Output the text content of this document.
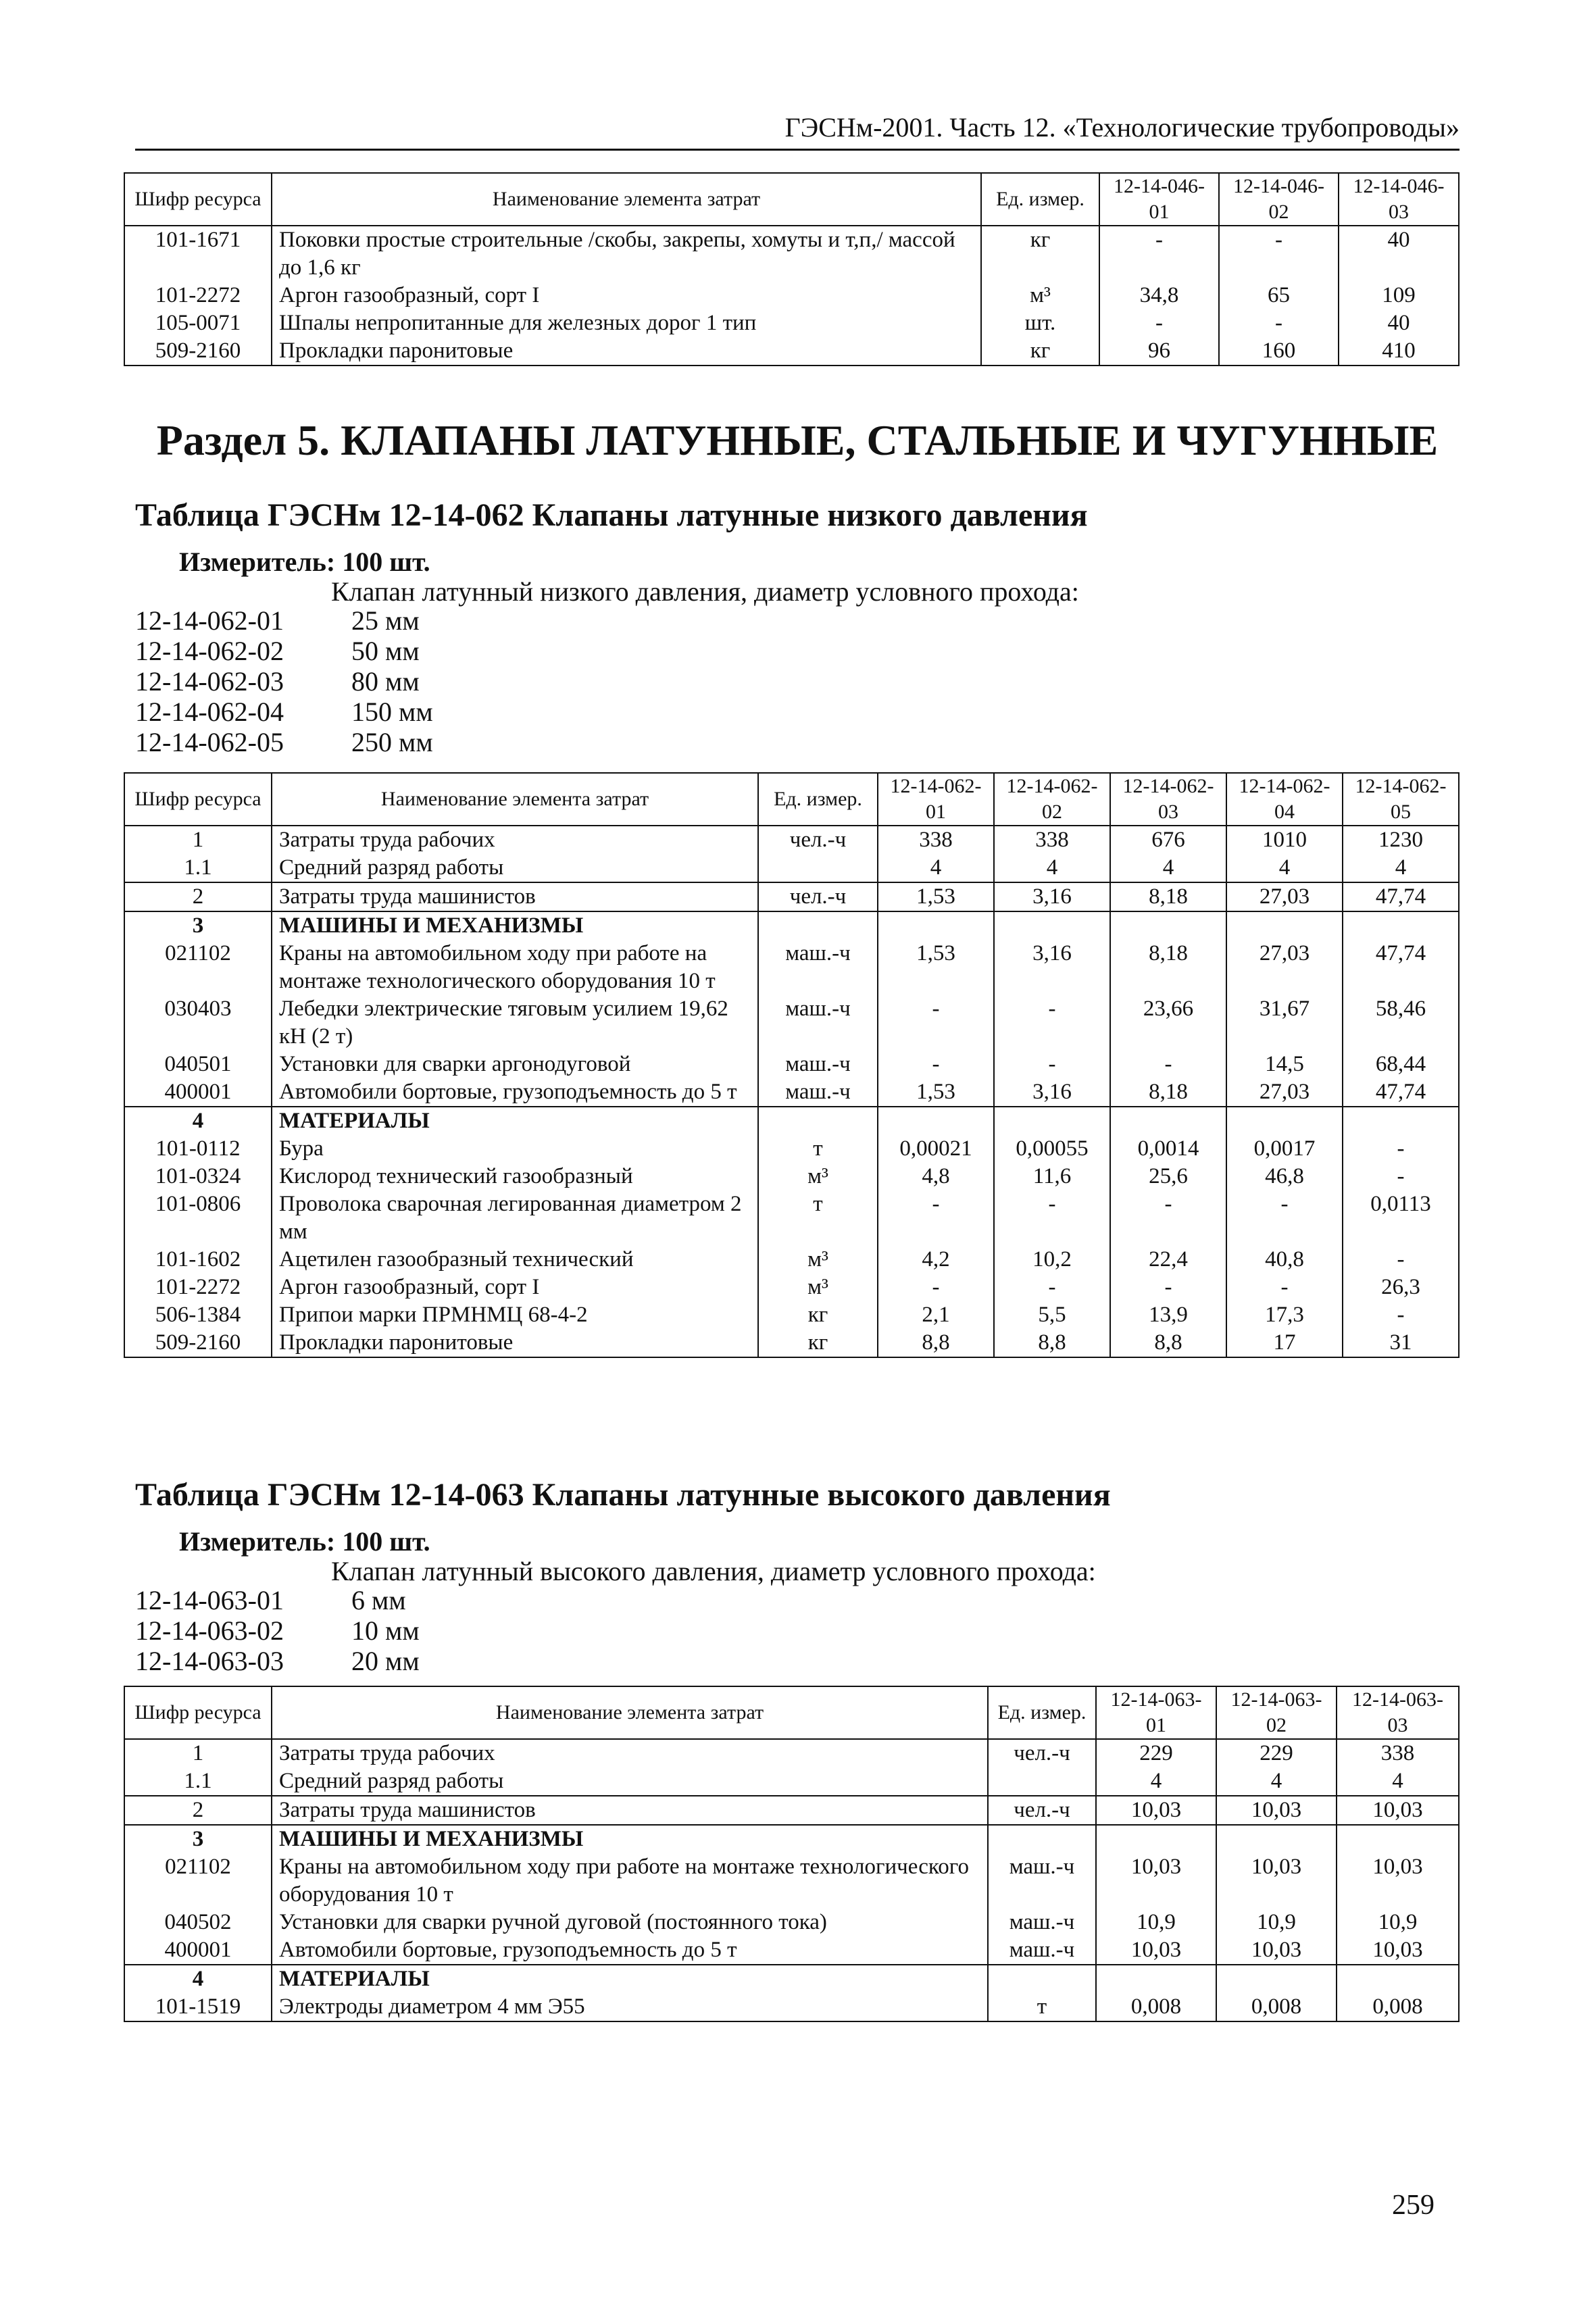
ГЭСНм-2001. Часть 12. «Технологические трубопроводы»
Шифр ресурса	Наименование элемента затрат	Ед. измер.	12-14-046-01	12-14-046-02	12-14-046-03
101-1671	Поковки простые строительные /скобы, закрепы, хомуты и т,п,/ массой до 1,6 кг	кг	-	-	40
101-2272	Аргон газообразный, сорт I	м³	34,8	65	109
105-0071	Шпалы непропитанные для железных дорог 1 тип	шт.	-	-	40
509-2160	Прокладки паронитовые	кг	96	160	410
Раздел 5. КЛАПАНЫ ЛАТУННЫЕ, СТАЛЬНЫЕ И ЧУГУННЫЕ
Таблица ГЭСНм 12-14-062 Клапаны латунные низкого давления
Измеритель: 100 шт.
Клапан латунный низкого давления, диаметр условного прохода:
12-14-062-01	25 мм
12-14-062-02	50 мм
12-14-062-03	80 мм
12-14-062-04	150 мм
12-14-062-05	250 мм
Шифр ресурса	Наименование элемента затрат	Ед. измер.	12-14-062-01	12-14-062-02	12-14-062-03	12-14-062-04	12-14-062-05
1	Затраты труда рабочих	чел.-ч	338	338	676	1010	1230
1.1	Средний разряд работы		4	4	4	4	4
2	Затраты труда машинистов	чел.-ч	1,53	3,16	8,18	27,03	47,74
3	МАШИНЫ И МЕХАНИЗМЫ						
021102	Краны на автомобильном ходу при работе на монтаже технологического оборудования 10 т	маш.-ч	1,53	3,16	8,18	27,03	47,74
030403	Лебедки электрические тяговым усилием 19,62 кН (2 т)	маш.-ч	-	-	23,66	31,67	58,46
040501	Установки для сварки аргонодуговой	маш.-ч	-	-	-	14,5	68,44
400001	Автомобили бортовые, грузоподъемность до 5 т	маш.-ч	1,53	3,16	8,18	27,03	47,74
4	МАТЕРИАЛЫ						
101-0112	Бура	т	0,00021	0,00055	0,0014	0,0017	-
101-0324	Кислород технический газообразный	м³	4,8	11,6	25,6	46,8	-
101-0806	Проволока сварочная легированная диаметром 2 мм	т	-	-	-	-	0,0113
101-1602	Ацетилен газообразный технический	м³	4,2	10,2	22,4	40,8	-
101-2272	Аргон газообразный, сорт I	м³	-	-	-	-	26,3
506-1384	Припои марки ПРМНМЦ 68-4-2	кг	2,1	5,5	13,9	17,3	-
509-2160	Прокладки паронитовые	кг	8,8	8,8	8,8	17	31
Таблица ГЭСНм 12-14-063 Клапаны латунные высокого давления
Измеритель: 100 шт.
Клапан латунный высокого давления, диаметр условного прохода:
12-14-063-01	6 мм
12-14-063-02	10 мм
12-14-063-03	20 мм
Шифр ресурса	Наименование элемента затрат	Ед. измер.	12-14-063-01	12-14-063-02	12-14-063-03
1	Затраты труда рабочих	чел.-ч	229	229	338
1.1	Средний разряд работы		4	4	4
2	Затраты труда машинистов	чел.-ч	10,03	10,03	10,03
3	МАШИНЫ И МЕХАНИЗМЫ				
021102	Краны на автомобильном ходу при работе на монтаже технологического оборудования 10 т	маш.-ч	10,03	10,03	10,03
040502	Установки для сварки ручной дуговой (постоянного тока)	маш.-ч	10,9	10,9	10,9
400001	Автомобили бортовые, грузоподъемность до 5 т	маш.-ч	10,03	10,03	10,03
4	МАТЕРИАЛЫ				
101-1519	Электроды диаметром 4 мм Э55	т	0,008	0,008	0,008
259
